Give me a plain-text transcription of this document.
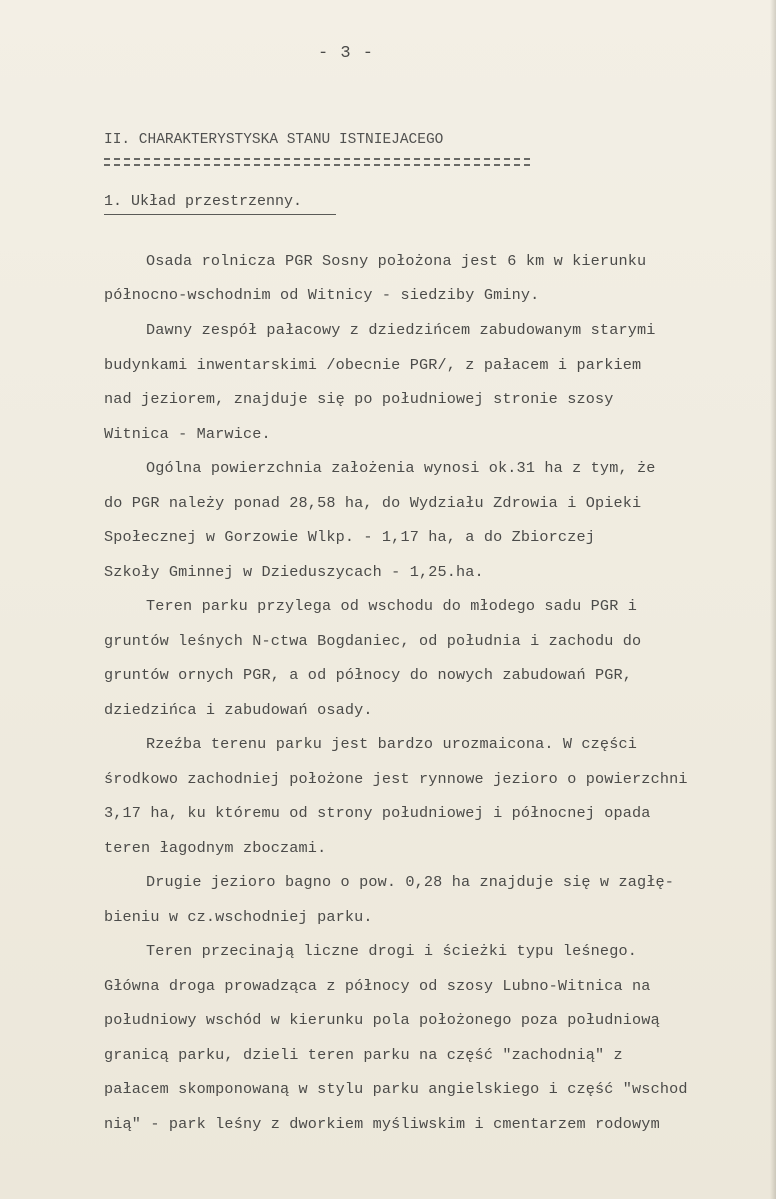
- 3 -
II. CHARAKTERYSTYSKA STANU ISTNIEJACEGO
1. Układ przestrzenny.
Osada rolnicza PGR Sosny położona jest 6 km w kierunku
północno-wschodnim od Witnicy - siedziby Gminy.
Dawny zespół pałacowy z dziedzińcem zabudowanym starymi
budynkami inwentarskimi /obecnie PGR/, z pałacem i parkiem
nad jeziorem, znajduje się po południowej stronie szosy
Witnica - Marwice.
Ogólna powierzchnia założenia wynosi ok.31 ha z tym, że
do PGR należy ponad 28,58 ha, do Wydziału Zdrowia i Opieki
Społecznej w Gorzowie Wlkp. - 1,17 ha, a do Zbiorczej
Szkoły Gminnej w Dzieduszycach - 1,25.ha.
Teren parku przylega od wschodu do młodego sadu PGR i
gruntów leśnych N-ctwa Bogdaniec, od południa i zachodu do
gruntów ornych PGR, a od północy do nowych zabudowań PGR,
dziedzińca i zabudowań osady.
Rzeźba terenu parku jest bardzo urozmaicona. W części
środkowo zachodniej położone jest rynnowe jezioro o powierzchni
3,17 ha, ku któremu od strony południowej i północnej opada
teren łagodnym zboczami.
Drugie jezioro bagno o pow. 0,28 ha znajduje się w zagłę-
bieniu w cz.wschodniej parku.
Teren przecinają liczne drogi i ścieżki typu leśnego.
Główna droga prowadząca z północy od szosy Lubno-Witnica na
południowy wschód w kierunku pola położonego poza południową
granicą parku, dzieli teren parku na część "zachodnią" z
pałacem skomponowaną w stylu parku angielskiego i część "wschod
nią" - park leśny z dworkiem myśliwskim i cmentarzem rodowym
